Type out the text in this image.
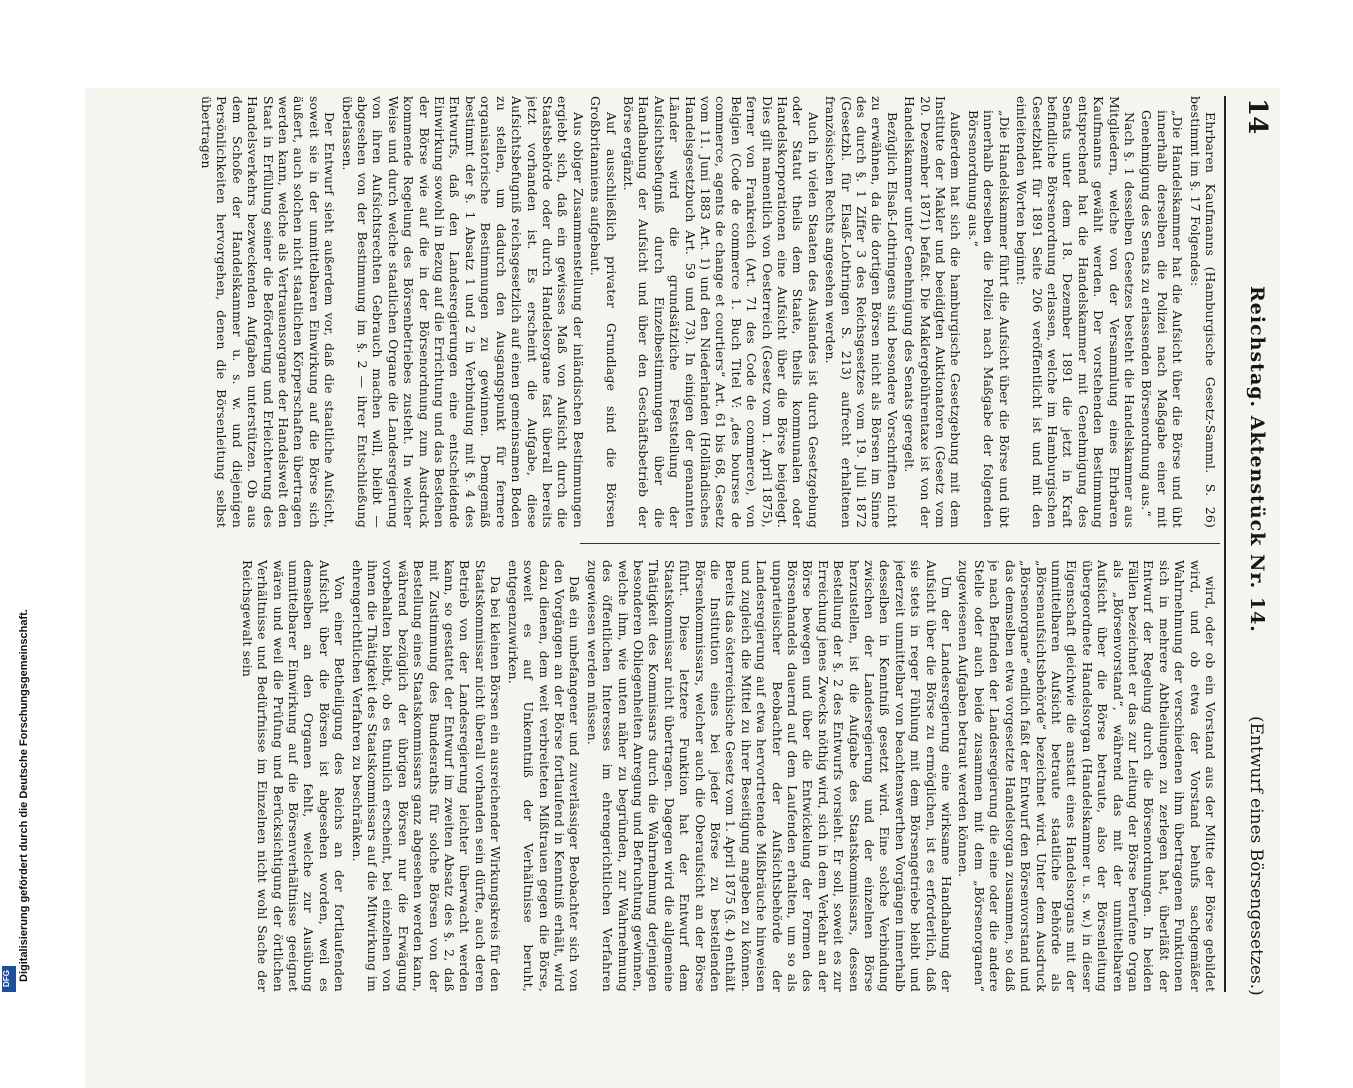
14
Reichstag. Aktenstück Nr. 14.
(Entwurf eines Börsengesetzes.)

Ehrbaren Kaufmanns (Hamburgische Gesetz-Samml. S. 26) bestimmt im §. 17 Folgendes:

„Die Handelskammer hat die Aufsicht über die Börse und übt innerhalb derselben die Polizei nach Maßgabe einer mit Genehmigung des Senats zu erlassenden Börsenordnung aus.“

Nach §. 1 desselben Gesetzes besteht die Handelskammer aus Mitgliedern, welche von der Versammlung eines Ehrbaren Kaufmanns gewählt werden. Der vorstehenden Bestimmung entsprechend hat die Handelskammer mit Genehmigung des Senats unter dem 18. Dezember 1891 die jetzt in Kraft befindliche Börsenordnung erlassen, welche im Hamburgischen Gesetzblatt für 1891 Seite 206 veröffentlicht ist und mit den einleitenden Worten beginnt:

„Die Handelskammer führt die Aufsicht über die Börse und übt innerhalb derselben die Polizei nach Maßgabe der folgenden Börsenordnung aus.“

Außerdem hat sich die hamburgische Gesetzgebung mit dem Institute der Makler und beeidigten Auktionatoren (Gesetz vom 20. Dezember 1871) befaßt. Die Maklergebührentaxe ist von der Handelskammer unter Genehmigung des Senats geregelt.

Bezüglich Elsaß-Lothringens sind besondere Vorschriften nicht zu erwähnen, da die dortigen Börsen nicht als Börsen im Sinne des durch §. 1 Ziffer 3 des Reichsgesetzes vom 19. Juli 1872 (Gesetzbl. für Elsaß-Lothringen S. 213) aufrecht erhaltenen französischen Rechts angesehen werden.

Auch in vielen Staaten des Auslandes ist durch Gesetzgebung oder Statut theils dem Staate, theils kommunalen oder Handelskorporationen eine Aufsicht über die Börse beigelegt. Dies gilt namentlich von Oesterreich (Gesetz vom 1. April 1875), ferner von Frankreich (Art. 71 des Code de commerce), von Belgien (Code de commerce 1. Buch Titel V: „des bourses de commerce, agents de change et courtiers“ Art. 61 bis 68, Gesetz vom 11. Juni 1883 Art. 1) und den Niederlanden (Holländisches Handelsgesetzbuch Art. 59 und 73). In einigen der genannten Länder wird die grundsätzliche Feststellung der Aufsichtsbefugniß durch Einzelbestimmungen über die Handhabung der Aufsicht und über den Geschäftsbetrieb der Börse ergänzt.

Auf ausschließlich privater Grundlage sind die Börsen Großbritanniens aufgebaut.

Aus obiger Zusammenstellung der inländischen Bestimmungen ergiebt sich, daß ein gewisses Maß von Aufsicht durch die Staatsbehörde oder durch Handelsorgane fast überall bereits jetzt vorhanden ist. Es erscheint die Aufgabe, diese Aufsichtsbefugniß reichsgesetzlich auf einen gemeinsamen Boden zu stellen, um dadurch den Ausgangspunkt für fernere organisatorische Bestimmungen zu gewinnen. Demgemäß bestimmt der §. 1 Absatz 1 und 2 in Verbindung mit §. 4 des Entwurfs, daß den Landesregierungen eine entscheidende Einwirkung sowohl in Bezug auf die Errichtung und das Bestehen der Börse wie auf die in der Börsenordnung zum Ausdruck kommende Regelung des Börsenbetriebes zusteht. In welcher Weise und durch welche staatlichen Organe die Landesregierung von ihren Aufsichtsrechten Gebrauch machen will, bleibt — abgesehen von der Bestimmung im §. 2 — ihrer Entschließung überlassen.

Der Entwurf sieht außerdem vor, daß die staatliche Aufsicht, soweit sie in der unmittelbaren Einwirkung auf die Börse sich äußert, auch solchen nicht staatlichen Körperschaften übertragen werden kann, welche als Vertrauensorgane der Handelswelt den Staat in Erfüllung seiner die Beförderung und Erleichterung des Handelsverkehrs bezweckenden Aufgaben unterstützen. Ob aus dem Schoße der Handelskammer u. s. w. und diejenigen Persönlichkeiten hervorgehen, denen die Börsenleitung selbst übertragen

wird, oder ob ein Vorstand aus der Mitte der Börse gebildet wird, und ob etwa der Vorstand behufs sachgemäßer Wahrnehmung der verschiedenen ihm übertragenen Funktionen sich in mehrere Abtheilungen zu zerlegen hat, überläßt der Entwurf der Regelung durch die Börsenordnungen. In beiden Fällen bezeichnet er das zur Leitung der Börse berufene Organ als „Börsenvorstand“, während das mit der unmittelbaren Aufsicht über die Börse betraute, also der Börsenleitung übergeordnete Handelsorgan (Handelskammer u. s. w.) in dieser Eigenschaft gleichwie die anstatt eines Handelsorgans mit der unmittelbaren Aufsicht betraute staatliche Behörde als „Börsenaufsichtsbehörde“ bezeichnet wird. Unter dem Ausdruck „Börsenorgane“ endlich faßt der Entwurf den Börsenvorstand und das demselben etwa vorgesetzte Handelsorgan zusammen, so daß je nach Befinden der Landesregierung die eine oder die andere Stelle oder auch beide zusammen mit dem „Börsenorganen“ zugewiesenen Aufgaben betraut werden können.

Um der Landesregierung eine wirksame Handhabung der Aufsicht über die Börse zu ermöglichen, ist es erforderlich, daß sie stets in reger Fühlung mit dem Börsengetriebe bleibt und jederzeit unmittelbar von beachtenswerthen Vorgängen innerhalb desselben in Kenntniß gesetzt wird. Eine solche Verbindung zwischen der Landesregierung und der einzelnen Börse herzustellen, ist die Aufgabe des Staatskommissars, dessen Bestellung der §. 2 des Entwurfs vorsieht. Er soll, soweit es zur Erreichung jenes Zwecks nöthig wird, sich in dem Verkehr an der Börse bewegen und über die Entwickelung der Formen des Börsenhandels dauernd auf dem Laufenden erhalten, um so als unparteiischer Beobachter der Aufsichtsbehörde der Landesregierung auf etwa hervortretende Mißbräuche hinweisen und zugleich die Mittel zu ihrer Beseitigung angeben zu können. Bereits das österreichische Gesetz vom 1. April 1875 (§. 4) enthält die Institution eines bei jeder Börse zu bestellenden Börsenkommissars, welcher auch die Oberaufsicht an der Börse führt. Diese letztere Funktion hat der Entwurf dem Staatskommissar nicht übertragen. Dagegen wird die allgemeine Thätigkeit des Kommissars durch die Wahrnehmung derjenigen besonderen Obliegenheiten Anregung und Befruchtung gewinnen, welche ihm, wie unten näher zu begründen, zur Wahrnehmung des öffentlichen Interesses im ehrengerichtlichen Verfahren zugewiesen werden müssen.

Daß ein unbefangener und zuverlässiger Beobachter sich von den Vorgängen an der Börse fortlaufend in Kenntniß erhält, wird dazu dienen, dem weit verbreiteten Mißtrauen gegen die Börse, soweit es auf Unkenntniß der Verhältnisse beruht, entgegenzuwirken.

Da bei kleinen Börsen ein ausreichender Wirkungskreis für den Staatskommissar nicht überall vorhanden sein dürfte, auch deren Betrieb von der Landesregierung leichter überwacht werden kann, so gestattet der Entwurf im zweiten Absatz des §. 2, daß mit Zustimmung des Bundesraths für solche Börsen von der Bestellung eines Staatskommissars ganz abgesehen werden kann, während bezüglich der übrigen Börsen nur die Erwägung vorbehalten bleibt, ob es thunlich erscheint, bei einzelnen von ihnen die Thätigkeit des Staatskommissars auf die Mitwirkung im ehrengerichtlichen Verfahren zu beschränken.

Von einer Betheiligung des Reichs an der fortlaufenden Aufsicht über die Börsen ist abgesehen worden, weil es demselben an den Organen fehlt, welche zur Ausübung unmittelbarer Einwirkung auf die Börsenverhältnisse geeignet wären und weil die Prüfung und Berücksichtigung der örtlichen Verhältnisse und Bedürfnisse im Einzelnen nicht wohl Sache der Reichsgewalt sein

Digitalisierung gefördert durch die Deutsche Forschungsgemeinschaft.
DFG
